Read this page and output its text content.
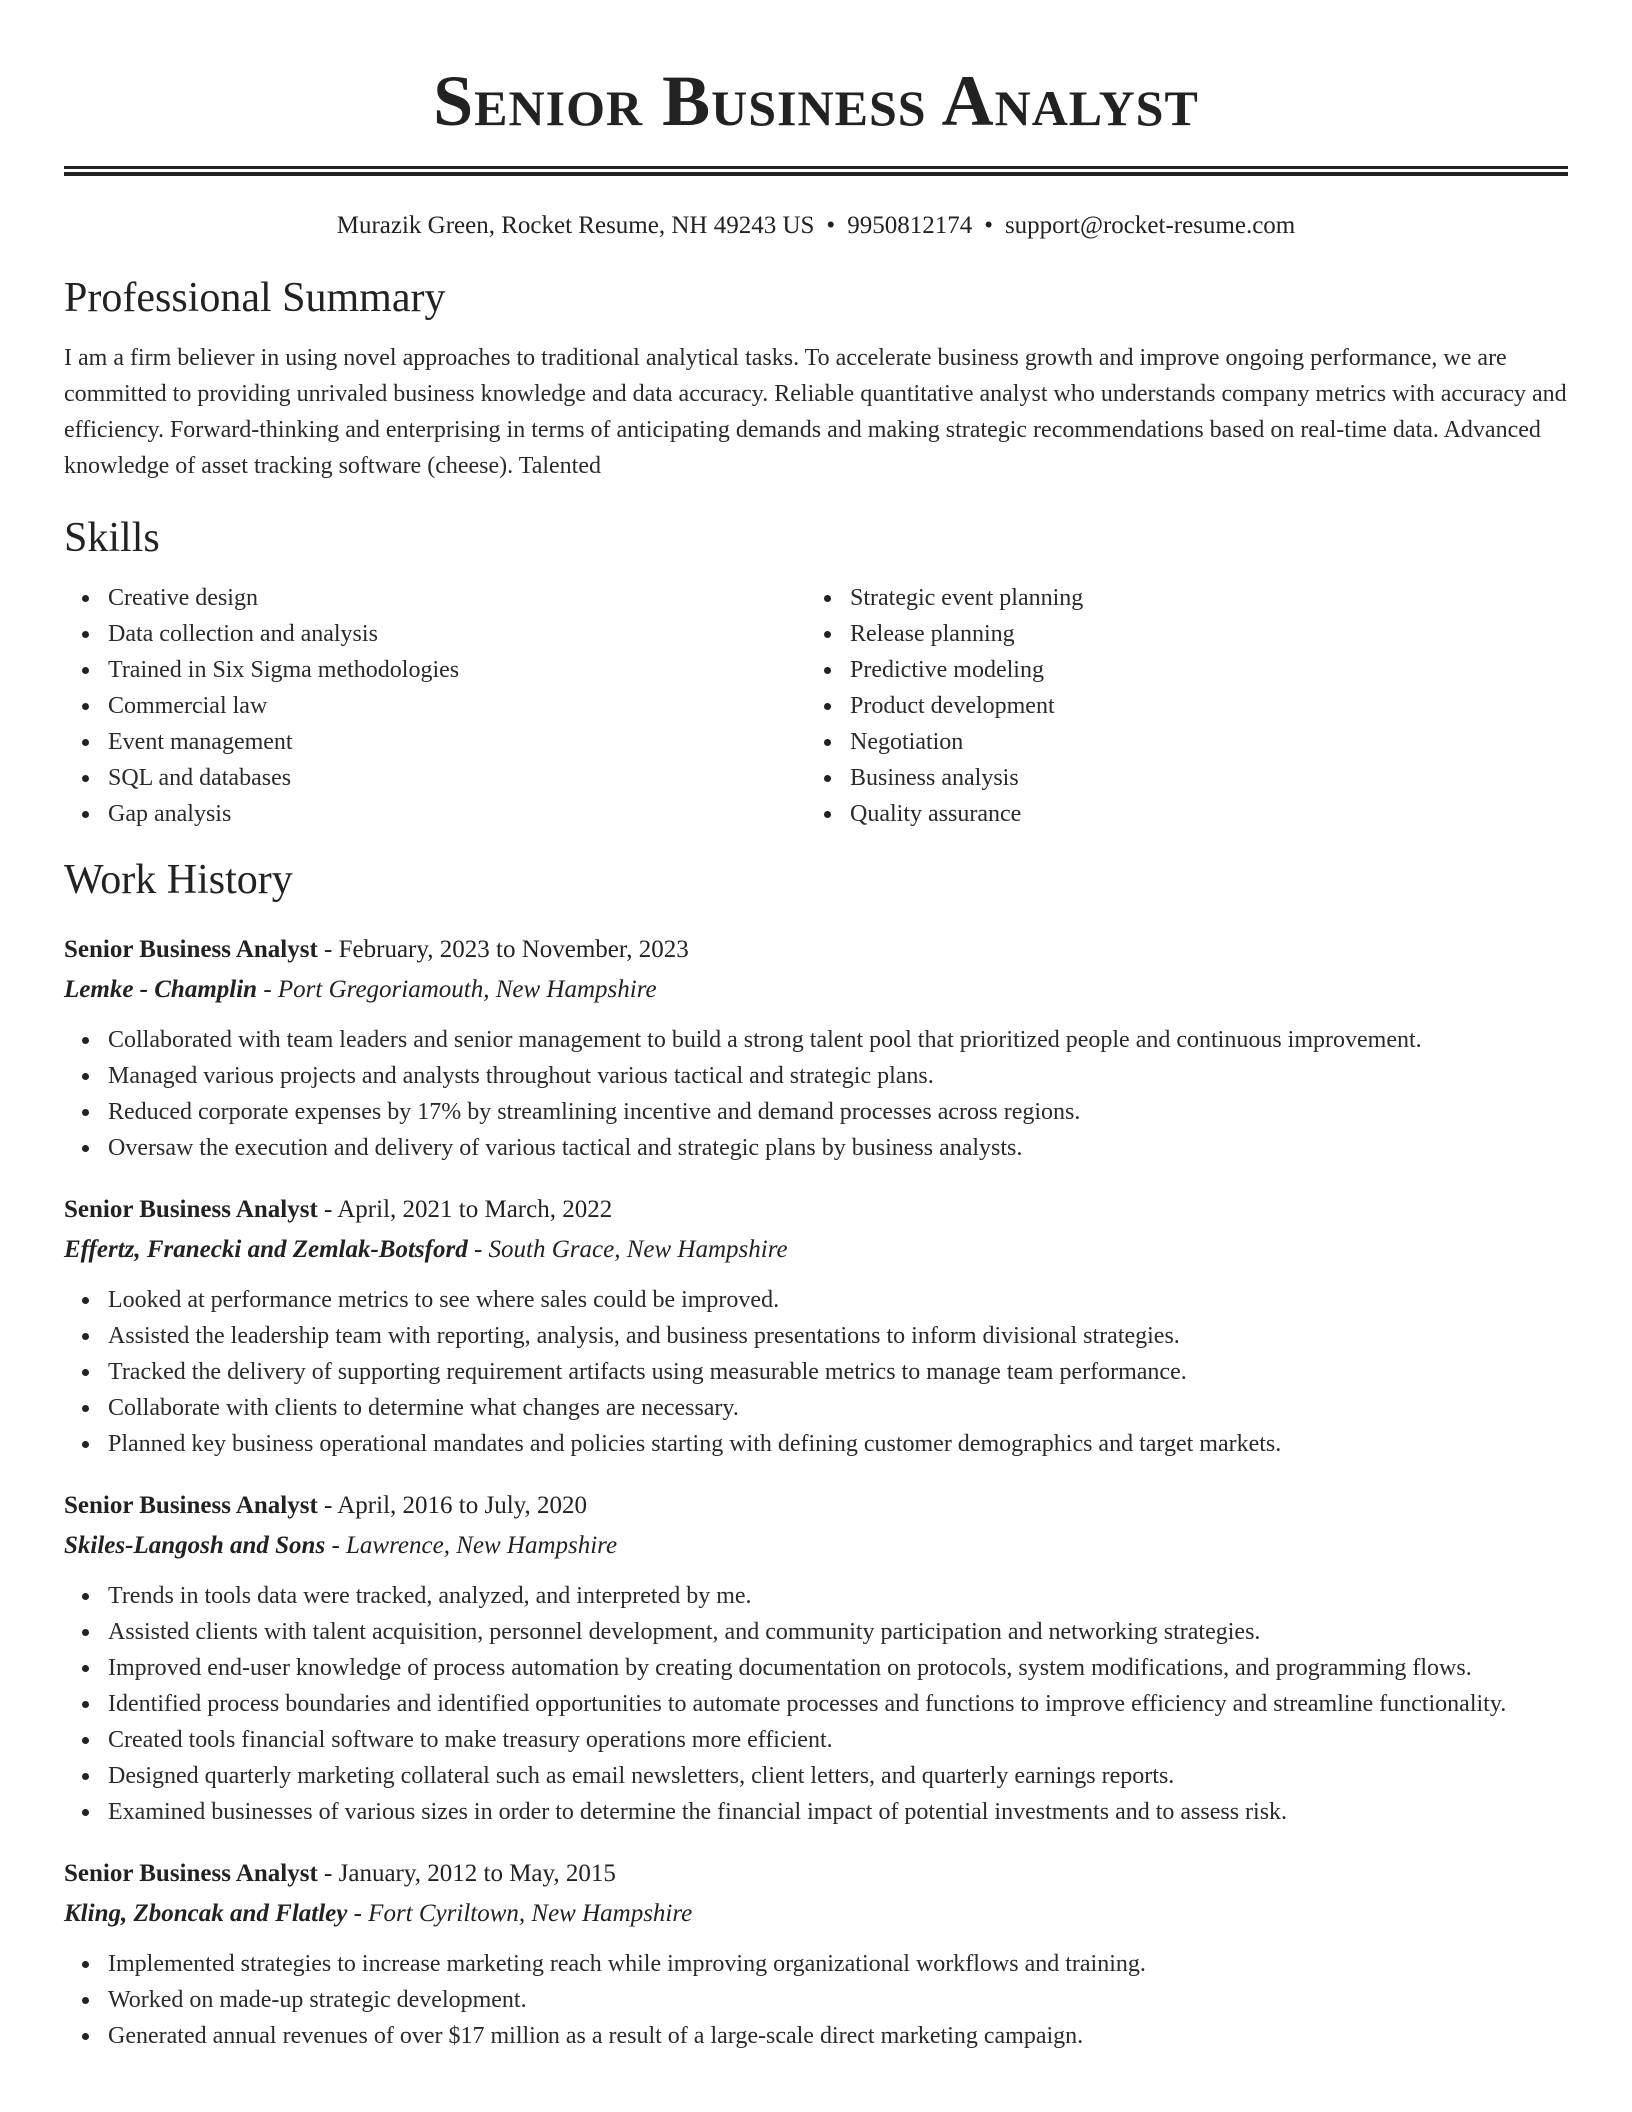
Senior Business Analyst
Murazik Green, Rocket Resume, NH 49243 US • 9950812174 • support@rocket-resume.com
Professional Summary
I am a firm believer in using novel approaches to traditional analytical tasks. To accelerate business growth and improve ongoing performance, we are committed to providing unrivaled business knowledge and data accuracy. Reliable quantitative analyst who understands company metrics with accuracy and efficiency. Forward-thinking and enterprising in terms of anticipating demands and making strategic recommendations based on real-time data. Advanced knowledge of asset tracking software (cheese). Talented
Skills
Creative design
Data collection and analysis
Trained in Six Sigma methodologies
Commercial law
Event management
SQL and databases
Gap analysis
Strategic event planning
Release planning
Predictive modeling
Product development
Negotiation
Business analysis
Quality assurance
Work History
Senior Business Analyst - February, 2023 to November, 2023
Lemke - Champlin - Port Gregoriamouth, New Hampshire
Collaborated with team leaders and senior management to build a strong talent pool that prioritized people and continuous improvement.
Managed various projects and analysts throughout various tactical and strategic plans.
Reduced corporate expenses by 17% by streamlining incentive and demand processes across regions.
Oversaw the execution and delivery of various tactical and strategic plans by business analysts.
Senior Business Analyst - April, 2021 to March, 2022
Effertz, Franecki and Zemlak-Botsford - South Grace, New Hampshire
Looked at performance metrics to see where sales could be improved.
Assisted the leadership team with reporting, analysis, and business presentations to inform divisional strategies.
Tracked the delivery of supporting requirement artifacts using measurable metrics to manage team performance.
Collaborate with clients to determine what changes are necessary.
Planned key business operational mandates and policies starting with defining customer demographics and target markets.
Senior Business Analyst - April, 2016 to July, 2020
Skiles-Langosh and Sons - Lawrence, New Hampshire
Trends in tools data were tracked, analyzed, and interpreted by me.
Assisted clients with talent acquisition, personnel development, and community participation and networking strategies.
Improved end-user knowledge of process automation by creating documentation on protocols, system modifications, and programming flows.
Identified process boundaries and identified opportunities to automate processes and functions to improve efficiency and streamline functionality.
Created tools financial software to make treasury operations more efficient.
Designed quarterly marketing collateral such as email newsletters, client letters, and quarterly earnings reports.
Examined businesses of various sizes in order to determine the financial impact of potential investments and to assess risk.
Senior Business Analyst - January, 2012 to May, 2015
Kling, Zboncak and Flatley - Fort Cyriltown, New Hampshire
Implemented strategies to increase marketing reach while improving organizational workflows and training.
Worked on made-up strategic development.
Generated annual revenues of over $17 million as a result of a large-scale direct marketing campaign.
